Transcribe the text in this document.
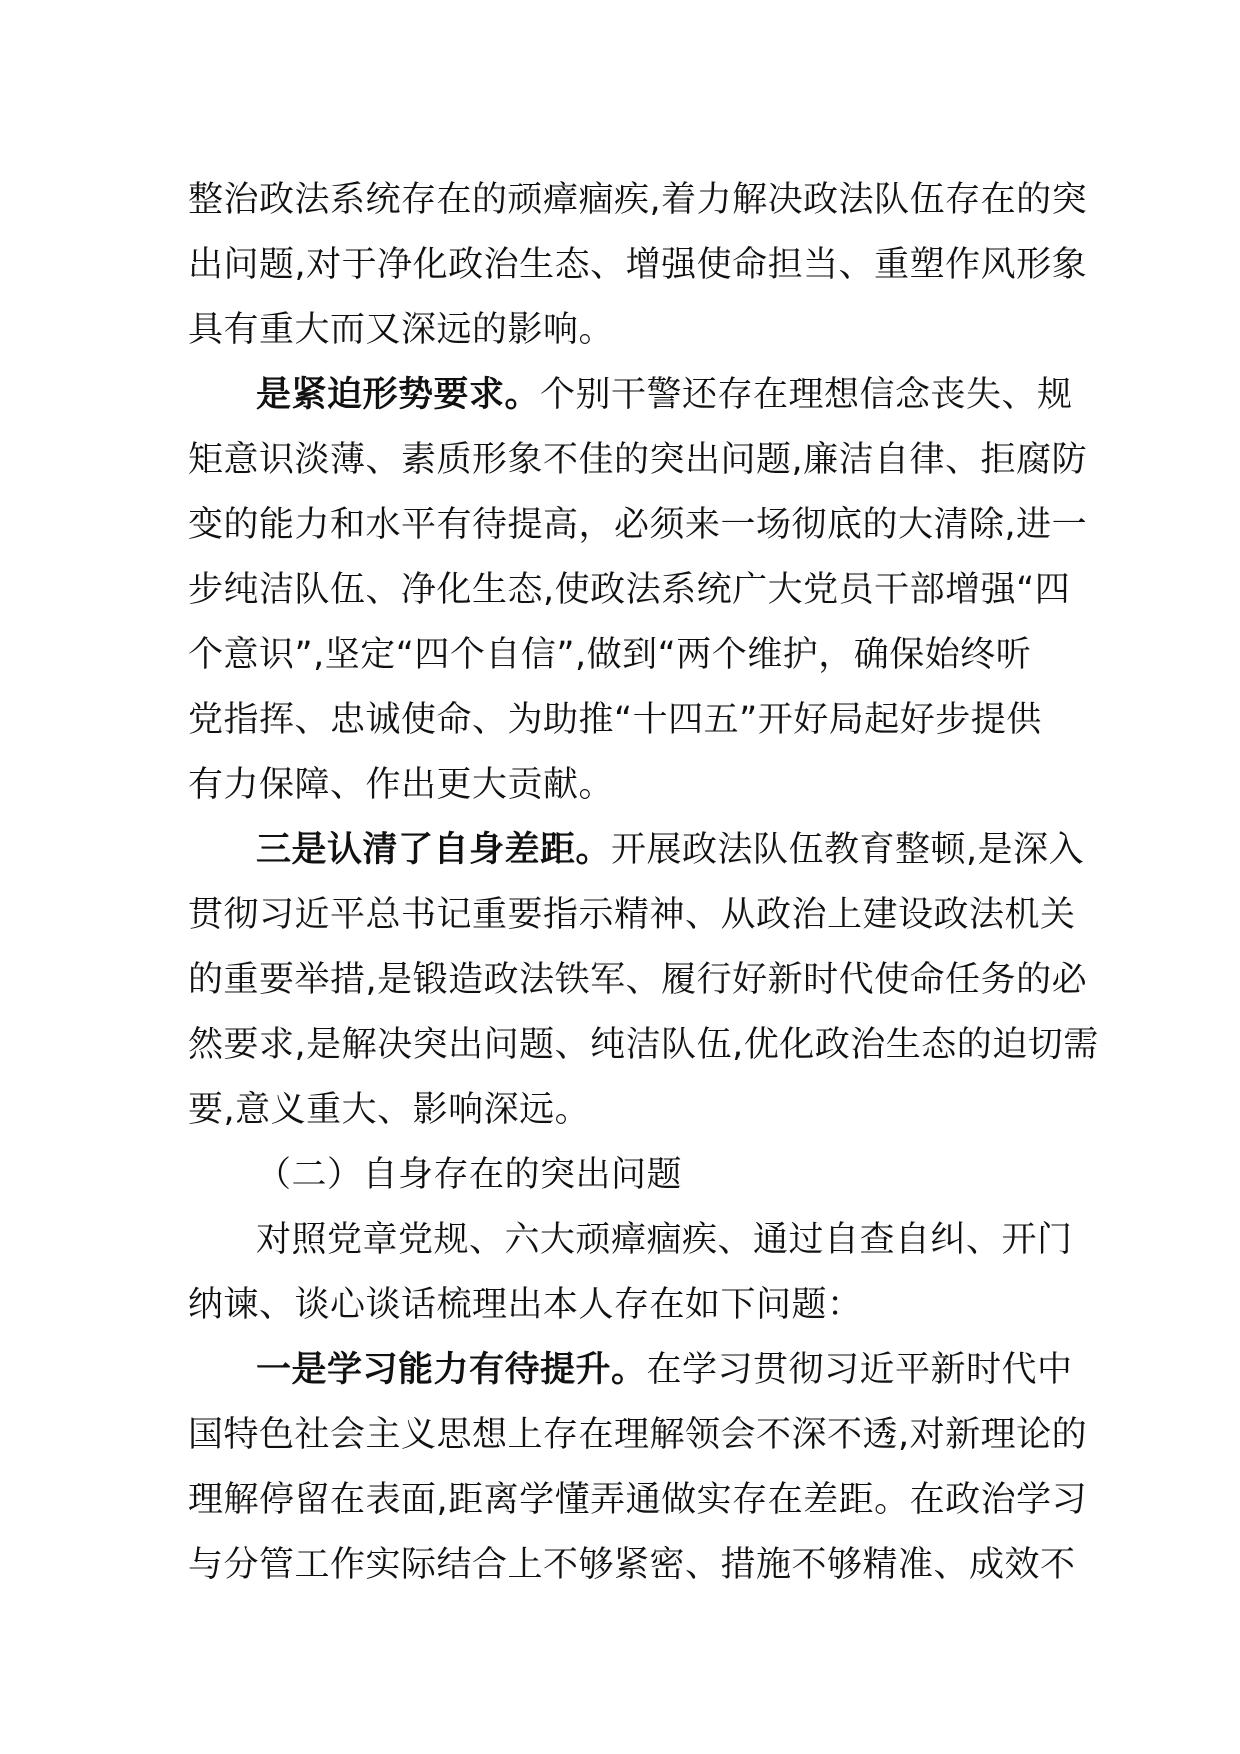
整治政法系统存在的顽瘴痼疾,着力解决政法队伍存在的突
出问题,对于净化政治生态、增强使命担当、重塑作风形象
具有重大而又深远的影响。
是紧迫形势要求。个别干警还存在理想信念丧失、规
矩意识淡薄、素质形象不佳的突出问题,廉洁自律、拒腐防
变的能力和水平有待提高，必须来一场彻底的大清除,进一
步纯洁队伍、净化生态,使政法系统广大党员干部增强“四
个意识”,坚定“四个自信”,做到“两个维护，确保始终听
党指挥、忠诚使命、为助推“十四五”开好局起好步提供
有力保障、作出更大贡献。
三是认清了自身差距。开展政法队伍教育整顿,是深入
贯彻习近平总书记重要指示精神、从政治上建设政法机关
的重要举措,是锻造政法铁军、履行好新时代使命任务的必
然要求,是解决突出问题、纯洁队伍,优化政治生态的迫切需
要,意义重大、影响深远。
（二）自身存在的突出问题
对照党章党规、六大顽瘴痼疾、通过自查自纠、开门
纳谏、谈心谈话梳理出本人存在如下问题：
一是学习能力有待提升。在学习贯彻习近平新时代中
国特色社会主义思想上存在理解领会不深不透,对新理论的
理解停留在表面,距离学懂弄通做实存在差距。在政治学习
与分管工作实际结合上不够紧密、措施不够精准、成效不
